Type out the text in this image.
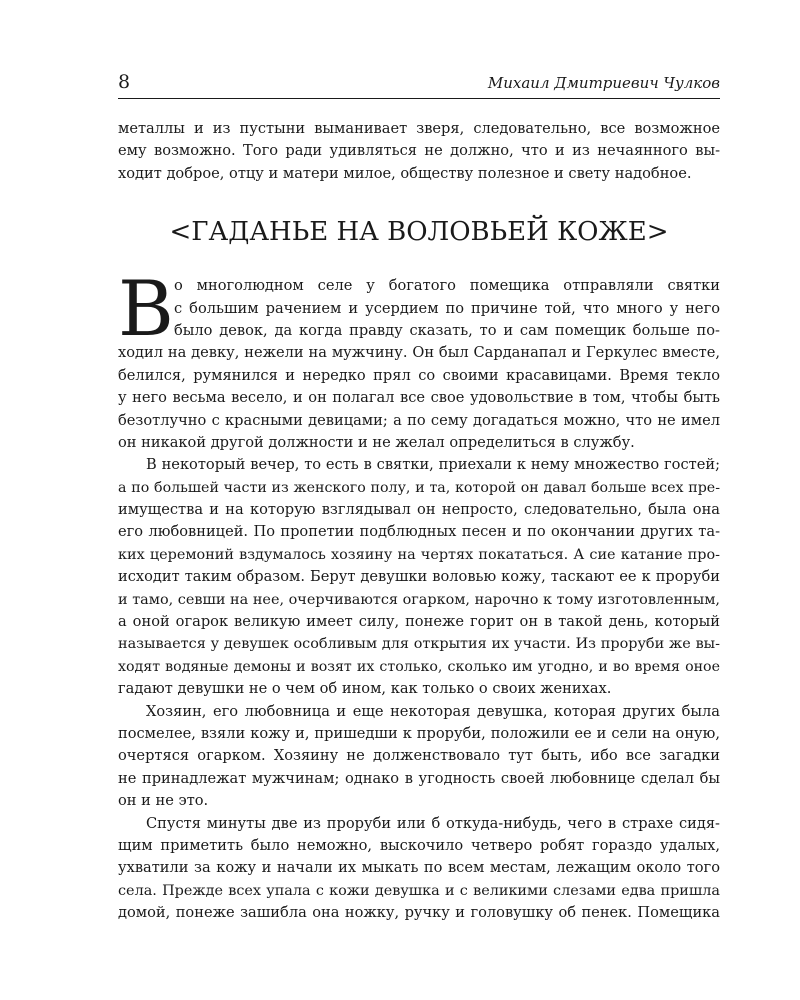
8	Михаил Дмитриевич Чулков
металлы и из пустыни выманивает зверя, следовательно, все возможное
ему возможно. Того ради удивляться не должно, что и из нечаянного вы-
ходит доброе, отцу и матери милое, обществу полезное и свету надобное.
<ГАДАНЬЕ НА ВОЛОВЬЕЙ КОЖЕ>
В о многолюдном селе у богатого помещика отправляли святки
с большим рачением и усердием по причине той, что много у него
было девок, да когда правду сказать, то и сам помещик больше по-
ходил на девку, нежели на мужчину. Он был Сарданапал и Геркулес вместе,
белился, румянился и нередко прял со своими красавицами. Время текло
у него весьма весело, и он полагал все свое удовольствие в том, чтобы быть
безотлучно с красными девицами; а по сему догадаться можно, что не имел
он никакой другой должности и не желал определиться в службу.
В некоторый вечер, то есть в святки, приехали к нему множество гостей;
а по большей части из женского полу, и та, которой он давал больше всех пре-
имущества и на которую взглядывал он непросто, следовательно, была она
его любовницей. По пропетии подблюдных песен и по окончании других та-
ких церемоний вздумалось хозяину на чертях покататься. А сие катание про-
исходит таким образом. Берут девушки воловью кожу, таскают ее к проруби
и тамо, севши на нее, очерчиваются огарком, нарочно к тому изготовленным,
а оной огарок великую имеет силу, понеже горит он в такой день, который
называется у девушек особливым для открытия их участи. Из проруби же вы-
ходят водяные демоны и возят их столько, сколько им угодно, и во время оное
гадают девушки не о чем об ином, как только о своих женихах.
Хозяин, его любовница и еще некоторая девушка, которая других была
посмелее, взяли кожу и, пришедши к проруби, положили ее и сели на оную,
очертяся огарком. Хозяину не долженствовало тут быть, ибо все загадки
не принадлежат мужчинам; однако в угодность своей любовнице сделал бы
он и не это.
Спустя минуты две из проруби или б откуда-нибудь, чего в страхе сидя-
щим приметить было неможно, выскочило четверо робят гораздо удалых,
ухватили за кожу и начали их мыкать по всем местам, лежащим около того
села. Прежде всех упала с кожи девушка и с великими слезами едва пришла
домой, понеже зашибла она ножку, ручку и головушку об пенек. Помещика
